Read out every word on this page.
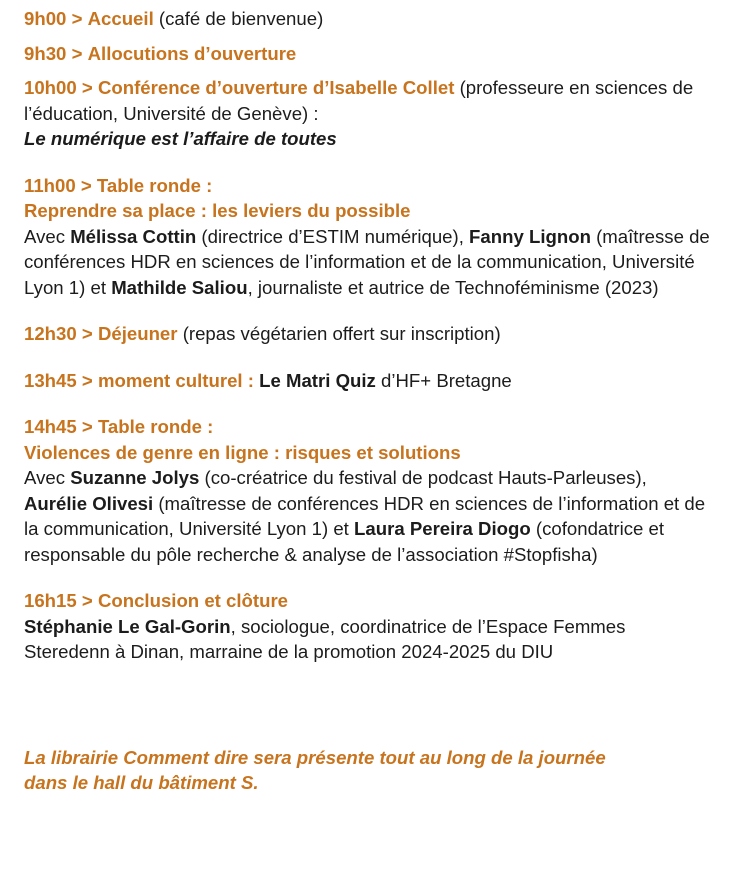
9h00 > Accueil (café de bienvenue)
9h30 > Allocutions d’ouverture
10h00 > Conférence d’ouverture d’Isabelle Collet (professeure en sciences de l’éducation, Université de Genève) :
Le numérique est l’affaire de toutes
11h00 > Table ronde :
Reprendre sa place : les leviers du possible
Avec Mélissa Cottin (directrice d’ESTIM numérique), Fanny Lignon (maîtresse de conférences HDR en sciences de l’information et de la communication, Université Lyon 1) et Mathilde Saliou, journaliste et autrice de Technoféminisme (2023)
12h30 > Déjeuner (repas végétarien offert sur inscription)
13h45 > moment culturel : Le Matri Quiz d’HF+ Bretagne
14h45 > Table ronde :
Violences de genre en ligne : risques et solutions
Avec Suzanne Jolys (co-créatrice du festival de podcast Hauts-Parleuses), Aurélie Olivesi (maîtresse de conférences HDR en sciences de l’information et de la communication, Université Lyon 1) et Laura Pereira Diogo (cofondatrice et responsable du pôle recherche & analyse de l’association #Stopfisha)
16h15 > Conclusion et clôture
Stéphanie Le Gal-Gorin, sociologue, coordinatrice de l’Espace Femmes Steredenn à Dinan, marraine de la promotion 2024-2025 du DIU
La librairie Comment dire sera présente tout au long de la journée
dans le hall du bâtiment S.
